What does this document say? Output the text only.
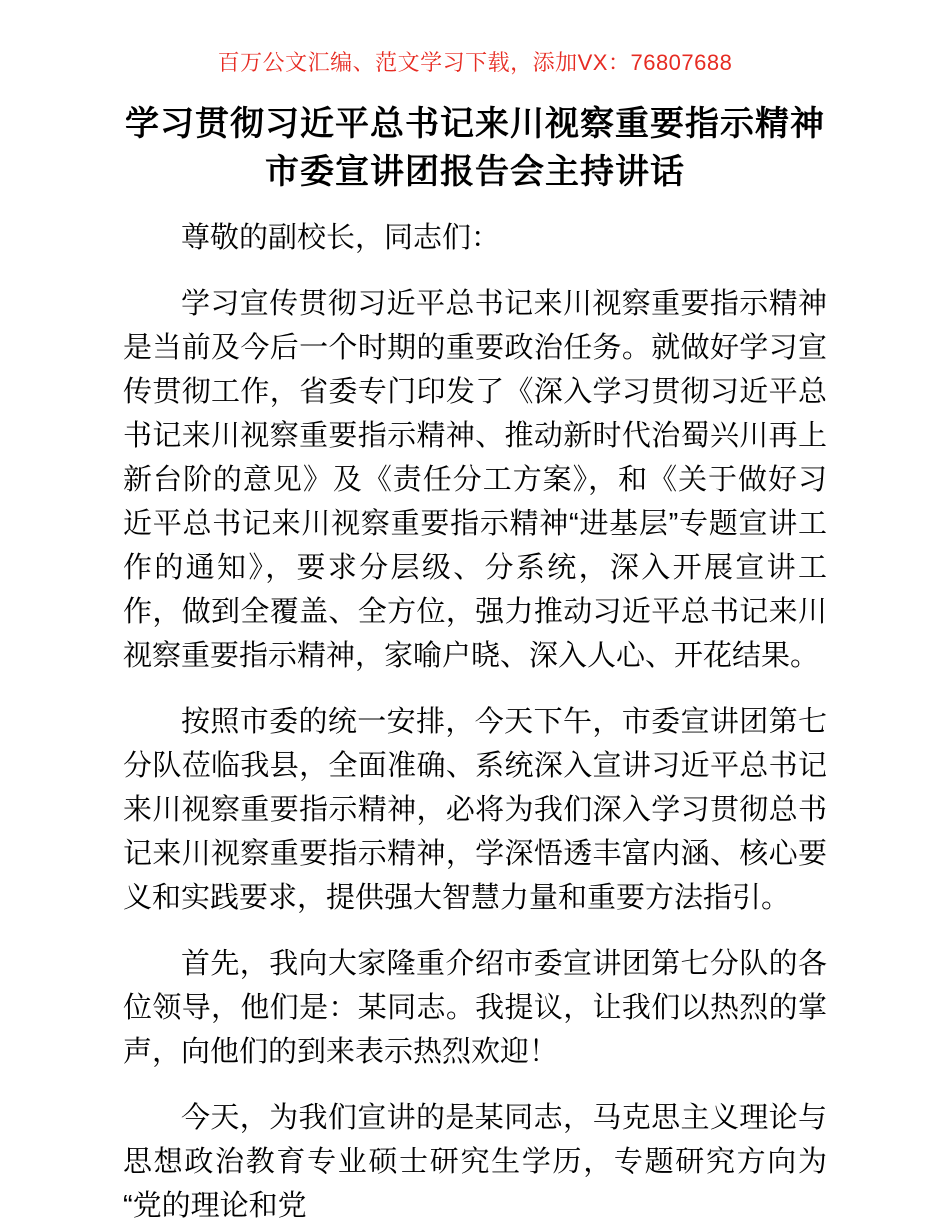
百万公文汇编、范文学习下载，添加VX：76807688
学习贯彻习近平总书记来川视察重要指示精神
市委宣讲团报告会主持讲话

尊敬的副校长，同志们：

学习宣传贯彻习近平总书记来川视察重要指示精神是当前及今后一个时期的重要政治任务。就做好学习宣传贯彻工作，省委专门印发了《深入学习贯彻习近平总书记来川视察重要指示精神、推动新时代治蜀兴川再上新台阶的意见》及《责任分工方案》，和《关于做好习近平总书记来川视察重要指示精神“进基层”专题宣讲工作的通知》，要求分层级、分系统，深入开展宣讲工作，做到全覆盖、全方位，强力推动习近平总书记来川视察重要指示精神，家喻户晓、深入人心、开花结果。

按照市委的统一安排，今天下午，市委宣讲团第七分队莅临我县，全面准确、系统深入宣讲习近平总书记来川视察重要指示精神，必将为我们深入学习贯彻总书记来川视察重要指示精神，学深悟透丰富内涵、核心要义和实践要求，提供强大智慧力量和重要方法指引。

首先，我向大家隆重介绍市委宣讲团第七分队的各位领导，他们是：某同志。我提议，让我们以热烈的掌声，向他们的到来表示热烈欢迎！

今天，为我们宣讲的是某同志，马克思主义理论与思想政治教育专业硕士研究生学历，专题研究方向为“党的理论和党
